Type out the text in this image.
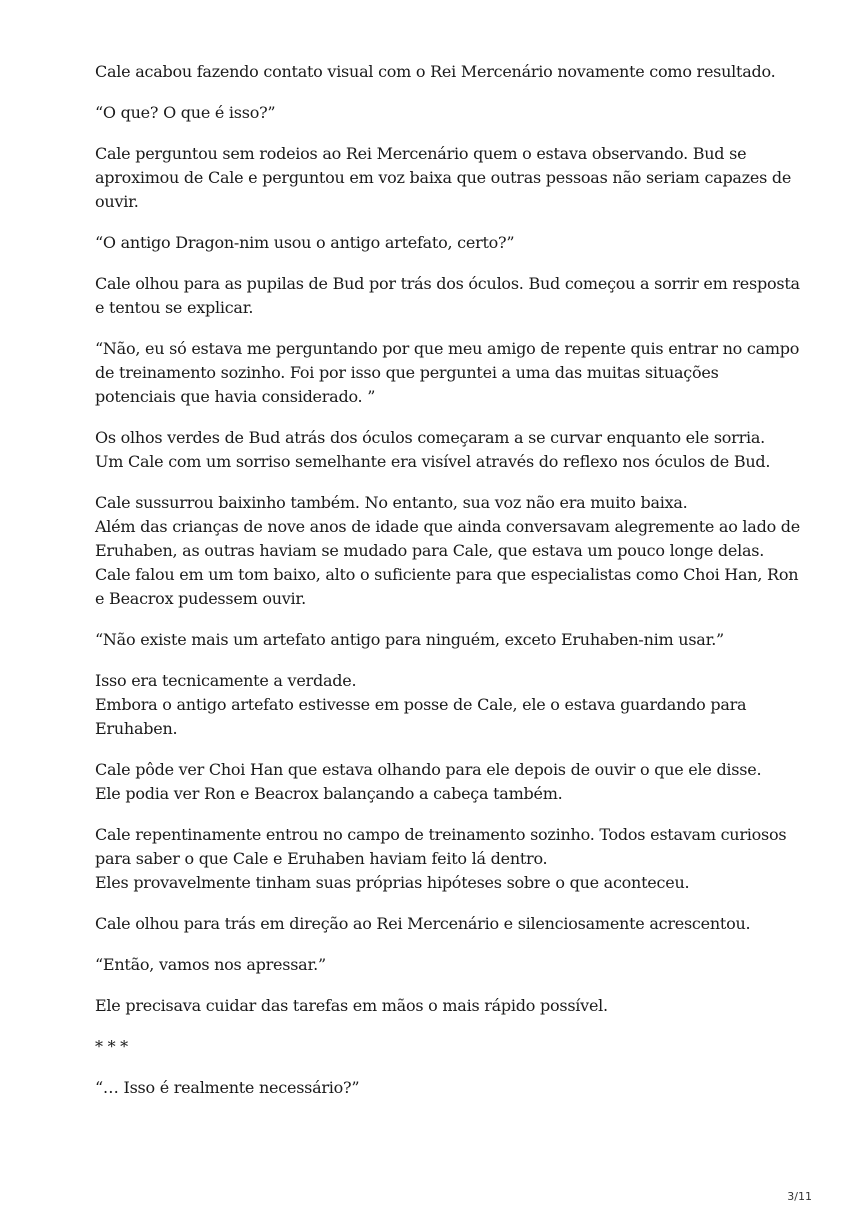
Cale acabou fazendo contato visual com o Rei Mercenário novamente como resultado.

“O que? O que é isso?”

Cale perguntou sem rodeios ao Rei Mercenário quem o estava observando. Bud se
aproximou de Cale e perguntou em voz baixa que outras pessoas não seriam capazes de
ouvir.

“O antigo Dragon-nim usou o antigo artefato, certo?”

Cale olhou para as pupilas de Bud por trás dos óculos. Bud começou a sorrir em resposta
e tentou se explicar.

“Não, eu só estava me perguntando por que meu amigo de repente quis entrar no campo
de treinamento sozinho. Foi por isso que perguntei a uma das muitas situações
potenciais que havia considerado. ”

Os olhos verdes de Bud atrás dos óculos começaram a se curvar enquanto ele sorria.
Um Cale com um sorriso semelhante era visível através do reflexo nos óculos de Bud.

Cale sussurrou baixinho também. No entanto, sua voz não era muito baixa.
Além das crianças de nove anos de idade que ainda conversavam alegremente ao lado de
Eruhaben, as outras haviam se mudado para Cale, que estava um pouco longe delas.
Cale falou em um tom baixo, alto o suficiente para que especialistas como Choi Han, Ron
e Beacrox pudessem ouvir.

“Não existe mais um artefato antigo para ninguém, exceto Eruhaben-nim usar.”

Isso era tecnicamente a verdade.
Embora o antigo artefato estivesse em posse de Cale, ele o estava guardando para
Eruhaben.

Cale pôde ver Choi Han que estava olhando para ele depois de ouvir o que ele disse.
Ele podia ver Ron e Beacrox balançando a cabeça também.

Cale repentinamente entrou no campo de treinamento sozinho. Todos estavam curiosos
para saber o que Cale e Eruhaben haviam feito lá dentro.
Eles provavelmente tinham suas próprias hipóteses sobre o que aconteceu.

Cale olhou para trás em direção ao Rei Mercenário e silenciosamente acrescentou.

“Então, vamos nos apressar.”

Ele precisava cuidar das tarefas em mãos o mais rápido possível.

* * *

“… Isso é realmente necessário?”

3/11
